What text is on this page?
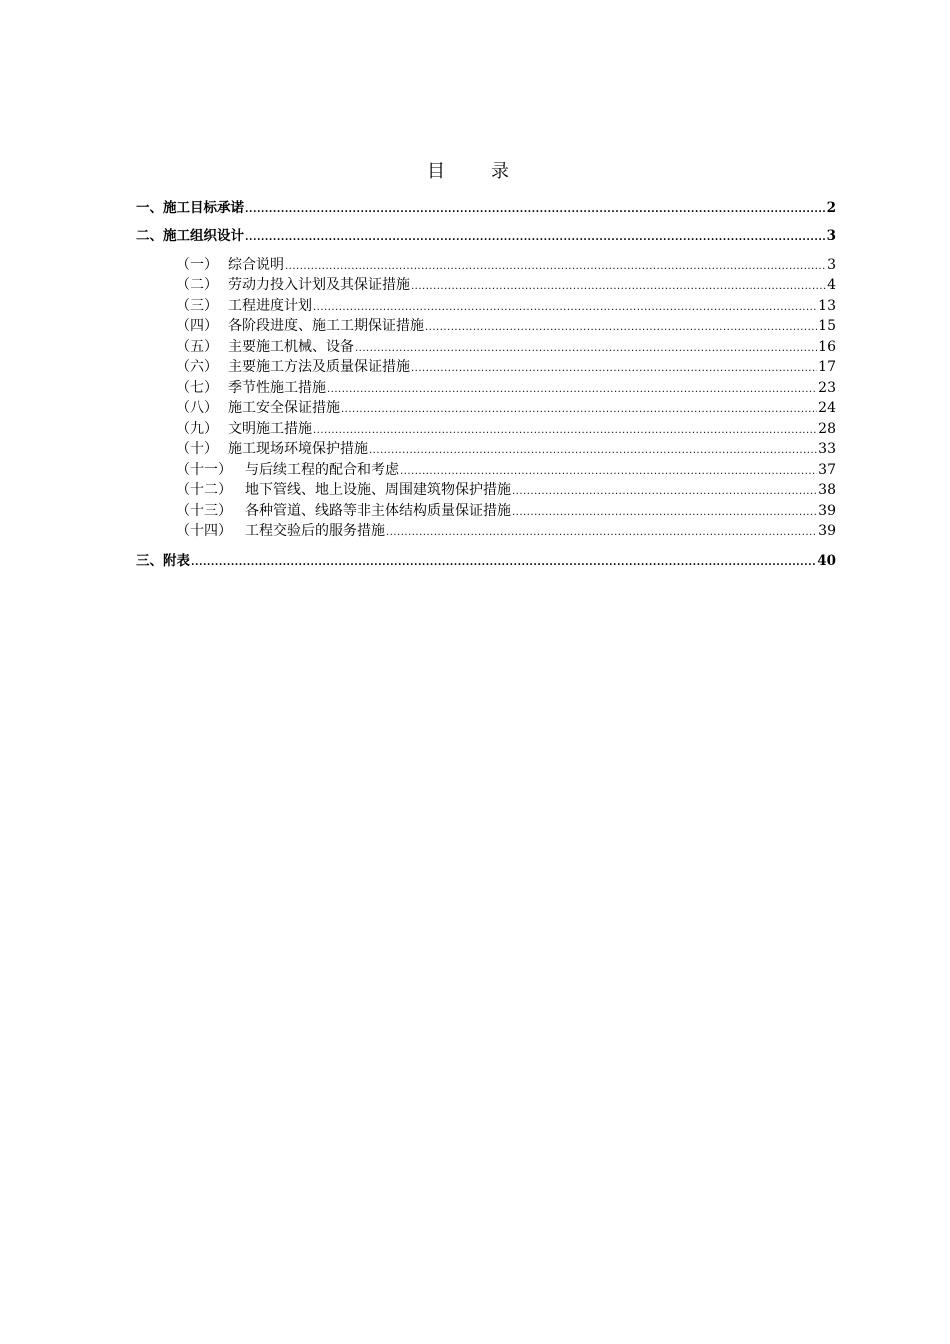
目　录
一、 施工目标承诺 .....	2
二、 施工组织设计 .....	3
（一） 综合说明 .....	3
（二） 劳动力投入计划及其保证措施 .....	4
（三） 工程进度计划 .....	13
（四） 各阶段进度、施工工期保证措施 .....	15
（五） 主要施工机械、设备 .....	16
（六） 主要施工方法及质量保证措施 .....	17
（七） 季节性施工措施 .....	23
（八） 施工安全保证措施 .....	24
（九） 文明施工措施 .....	28
（十） 施工现场环境保护措施 .....	33
（十一） 与后续工程的配合和考虑 .....	37
（十二） 地下管线、地上设施、周围建筑物保护措施 .....	38
（十三） 各种管道、线路等非主体结构质量保证措施 .....	39
（十四） 工程交验后的服务措施 .....	39
三、 附表 .....	40
